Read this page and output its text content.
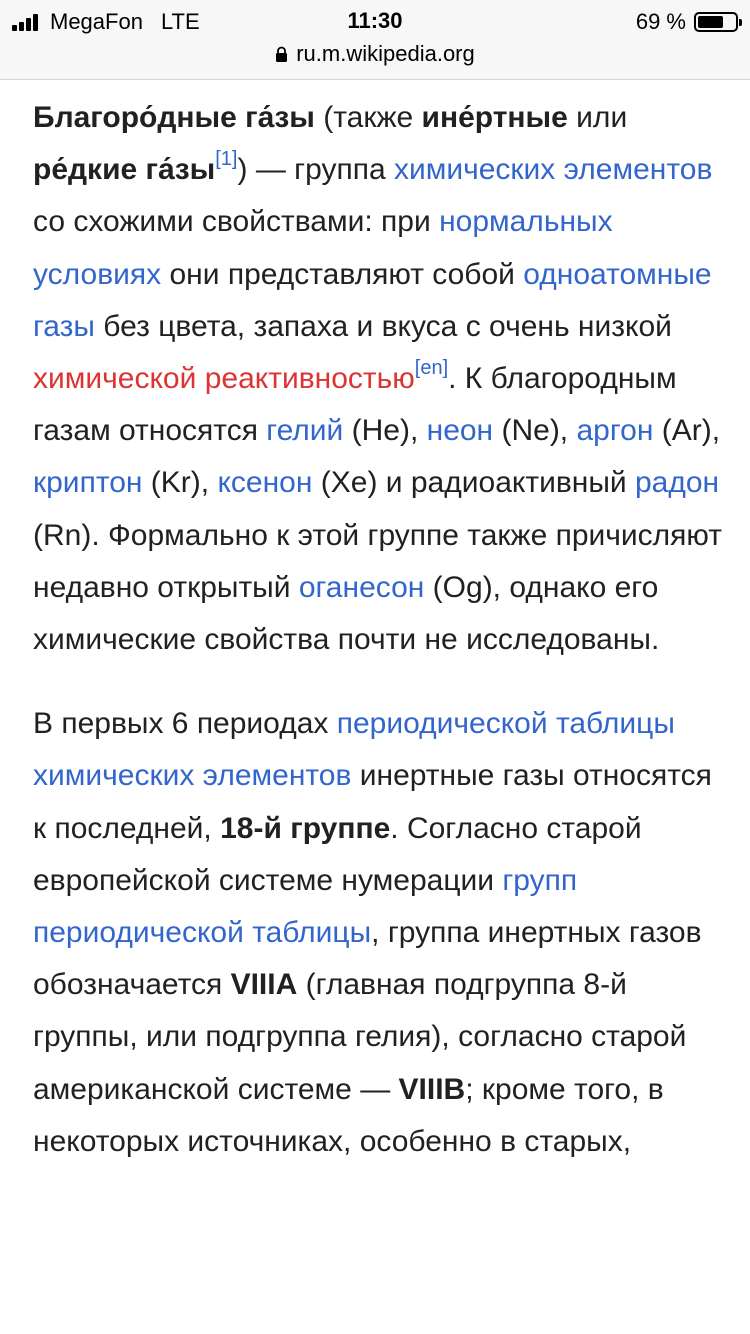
MegaFon LTE	11:30	69 %
ru.m.wikipedia.org

Благоро́дные га́зы (также ине́ртные или ре́дкие га́зы[1]) — группа химических элементов со схожими свойствами: при нормальных условиях они представляют собой одноатомные газы без цвета, запаха и вкуса с очень низкой химической реактивностью[en]. К благородным газам относятся гелий (He), неон (Ne), аргон (Ar), криптон (Kr), ксенон (Xe) и радиоактивный радон (Rn). Формально к этой группе также причисляют недавно открытый оганесон (Og), однако его химические свойства почти не исследованы.

В первых 6 периодах периодической таблицы химических элементов инертные газы относятся к последней, 18-й группе. Согласно старой европейской системе нумерации групп периодической таблицы, группа инертных газов обозначается VIIIA (главная подгруппа 8-й группы, или подгруппа гелия), согласно старой американской системе — VIIIB; кроме того, в некоторых источниках, особенно в старых,
